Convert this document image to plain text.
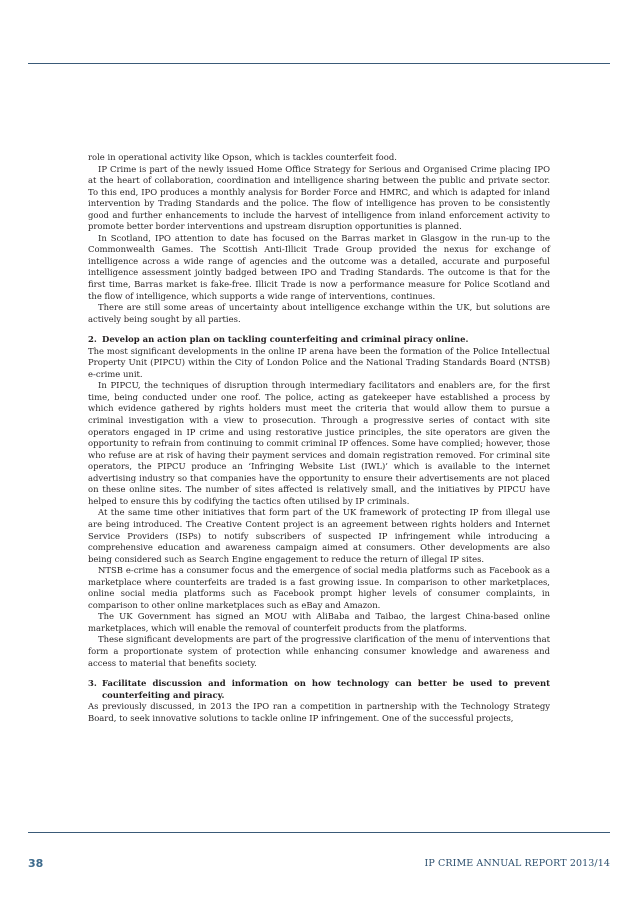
role in operational activity like Opson, which is tackles counterfeit food.

IP Crime is part of the newly issued Home Office Strategy for Serious and Organised Crime placing IPO at the heart of collaboration, coordination and intelligence sharing between the public and private sector. To this end, IPO produces a monthly analysis for Border Force and HMRC, and which is adapted for inland intervention by Trading Standards and the police. The flow of intelligence has proven to be consistently good and further enhancements to include the harvest of intelligence from inland enforcement activity to promote better border interventions and upstream disruption opportunities is planned.

In Scotland, IPO attention to date has focused on the Barras market in Glasgow in the run-up to the Commonwealth Games. The Scottish Anti-Illicit Trade Group provided the nexus for exchange of intelligence across a wide range of agencies and the outcome was a detailed, accurate and purposeful intelligence assessment jointly badged between IPO and Trading Standards. The outcome is that for the first time, Barras market is fake-free. Illicit Trade is now a performance measure for Police Scotland and the flow of intelligence, which supports a wide range of interventions, continues.

There are still some areas of uncertainty about intelligence exchange within the UK, but solutions are actively being sought by all parties.

2. Develop an action plan on tackling counterfeiting and criminal piracy online.

The most significant developments in the online IP arena have been the formation of the Police Intellectual Property Unit (PIPCU) within the City of London Police and the National Trading Standards Board (NTSB) e-crime unit.

In PIPCU, the techniques of disruption through intermediary facilitators and enablers are, for the first time, being conducted under one roof. The police, acting as gatekeeper have established a process by which evidence gathered by rights holders must meet the criteria that would allow them to pursue a criminal investigation with a view to prosecution. Through a progressive series of contact with site operators engaged in IP crime and using restorative justice principles, the site operators are given the opportunity to refrain from continuing to commit criminal IP offences. Some have complied; however, those who refuse are at risk of having their payment services and domain registration removed. For criminal site operators, the PIPCU produce an ‘Infringing Website List (IWL)’ which is available to the internet advertising industry so that companies have the opportunity to ensure their advertisements are not placed on these online sites. The number of sites affected is relatively small, and the initiatives by PIPCU have helped to ensure this by codifying the tactics often utilised by IP criminals.

At the same time other initiatives that form part of the UK framework of protecting IP from illegal use are being introduced. The Creative Content project is an agreement between rights holders and Internet Service Providers (ISPs) to notify subscribers of suspected IP infringement while introducing a comprehensive education and awareness campaign aimed at consumers. Other developments are also being considered such as Search Engine engagement to reduce the return of illegal IP sites.

NTSB e-crime has a consumer focus and the emergence of social media platforms such as Facebook as a marketplace where counterfeits are traded is a fast growing issue. In comparison to other marketplaces, online social media platforms such as Facebook prompt higher levels of consumer complaints, in comparison to other online marketplaces such as eBay and Amazon.

The UK Government has signed an MOU with AliBaba and Taibao, the largest China-based online marketplaces, which will enable the removal of counterfeit products from the platforms.

These significant developments are part of the progressive clarification of the menu of interventions that form a proportionate system of protection while enhancing consumer knowledge and awareness and access to material that benefits society.

3. Facilitate discussion and information on how technology can better be used to prevent counterfeiting and piracy.

As previously discussed, in 2013 the IPO ran a competition in partnership with the Technology Strategy Board, to seek innovative solutions to tackle online IP infringement. One of the successful projects,

38	IP CRIME ANNUAL REPORT 2013/14
